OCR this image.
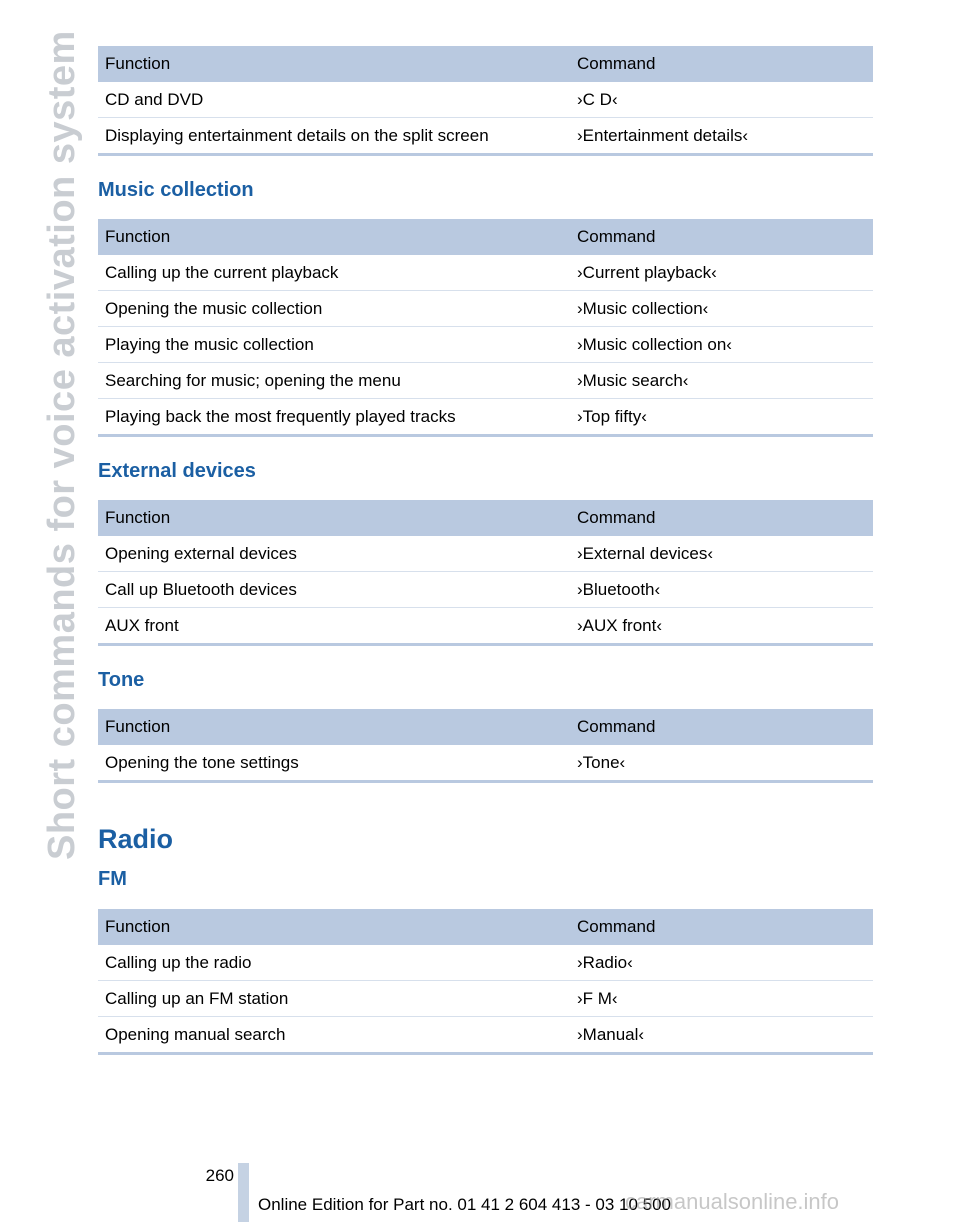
Short commands for voice activation system Function	Command
CD and DVD	›C D‹
Displaying entertainment details on the split screen	›Entertainment details‹
Music collection
Function	Command
Calling up the current playback	›Current playback‹
Opening the music collection	›Music collection‹
Playing the music collection	›Music collection on‹
Searching for music; opening the menu	›Music search‹
Playing back the most frequently played tracks	›Top fifty‹
External devices
Function	Command
Opening external devices	›External devices‹
Call up Bluetooth devices	›Bluetooth‹
AUX front	›AUX front‹
Tone
Function	Command
Opening the tone settings	›Tone‹
Radio
FM
Function	Command
Calling up the radio	›Radio‹
Calling up an FM station	›F M‹
Opening manual search	›Manual‹
260
Online Edition for Part no. 01 41 2 604 413 - 03 10 500
carmanualsonline.info
